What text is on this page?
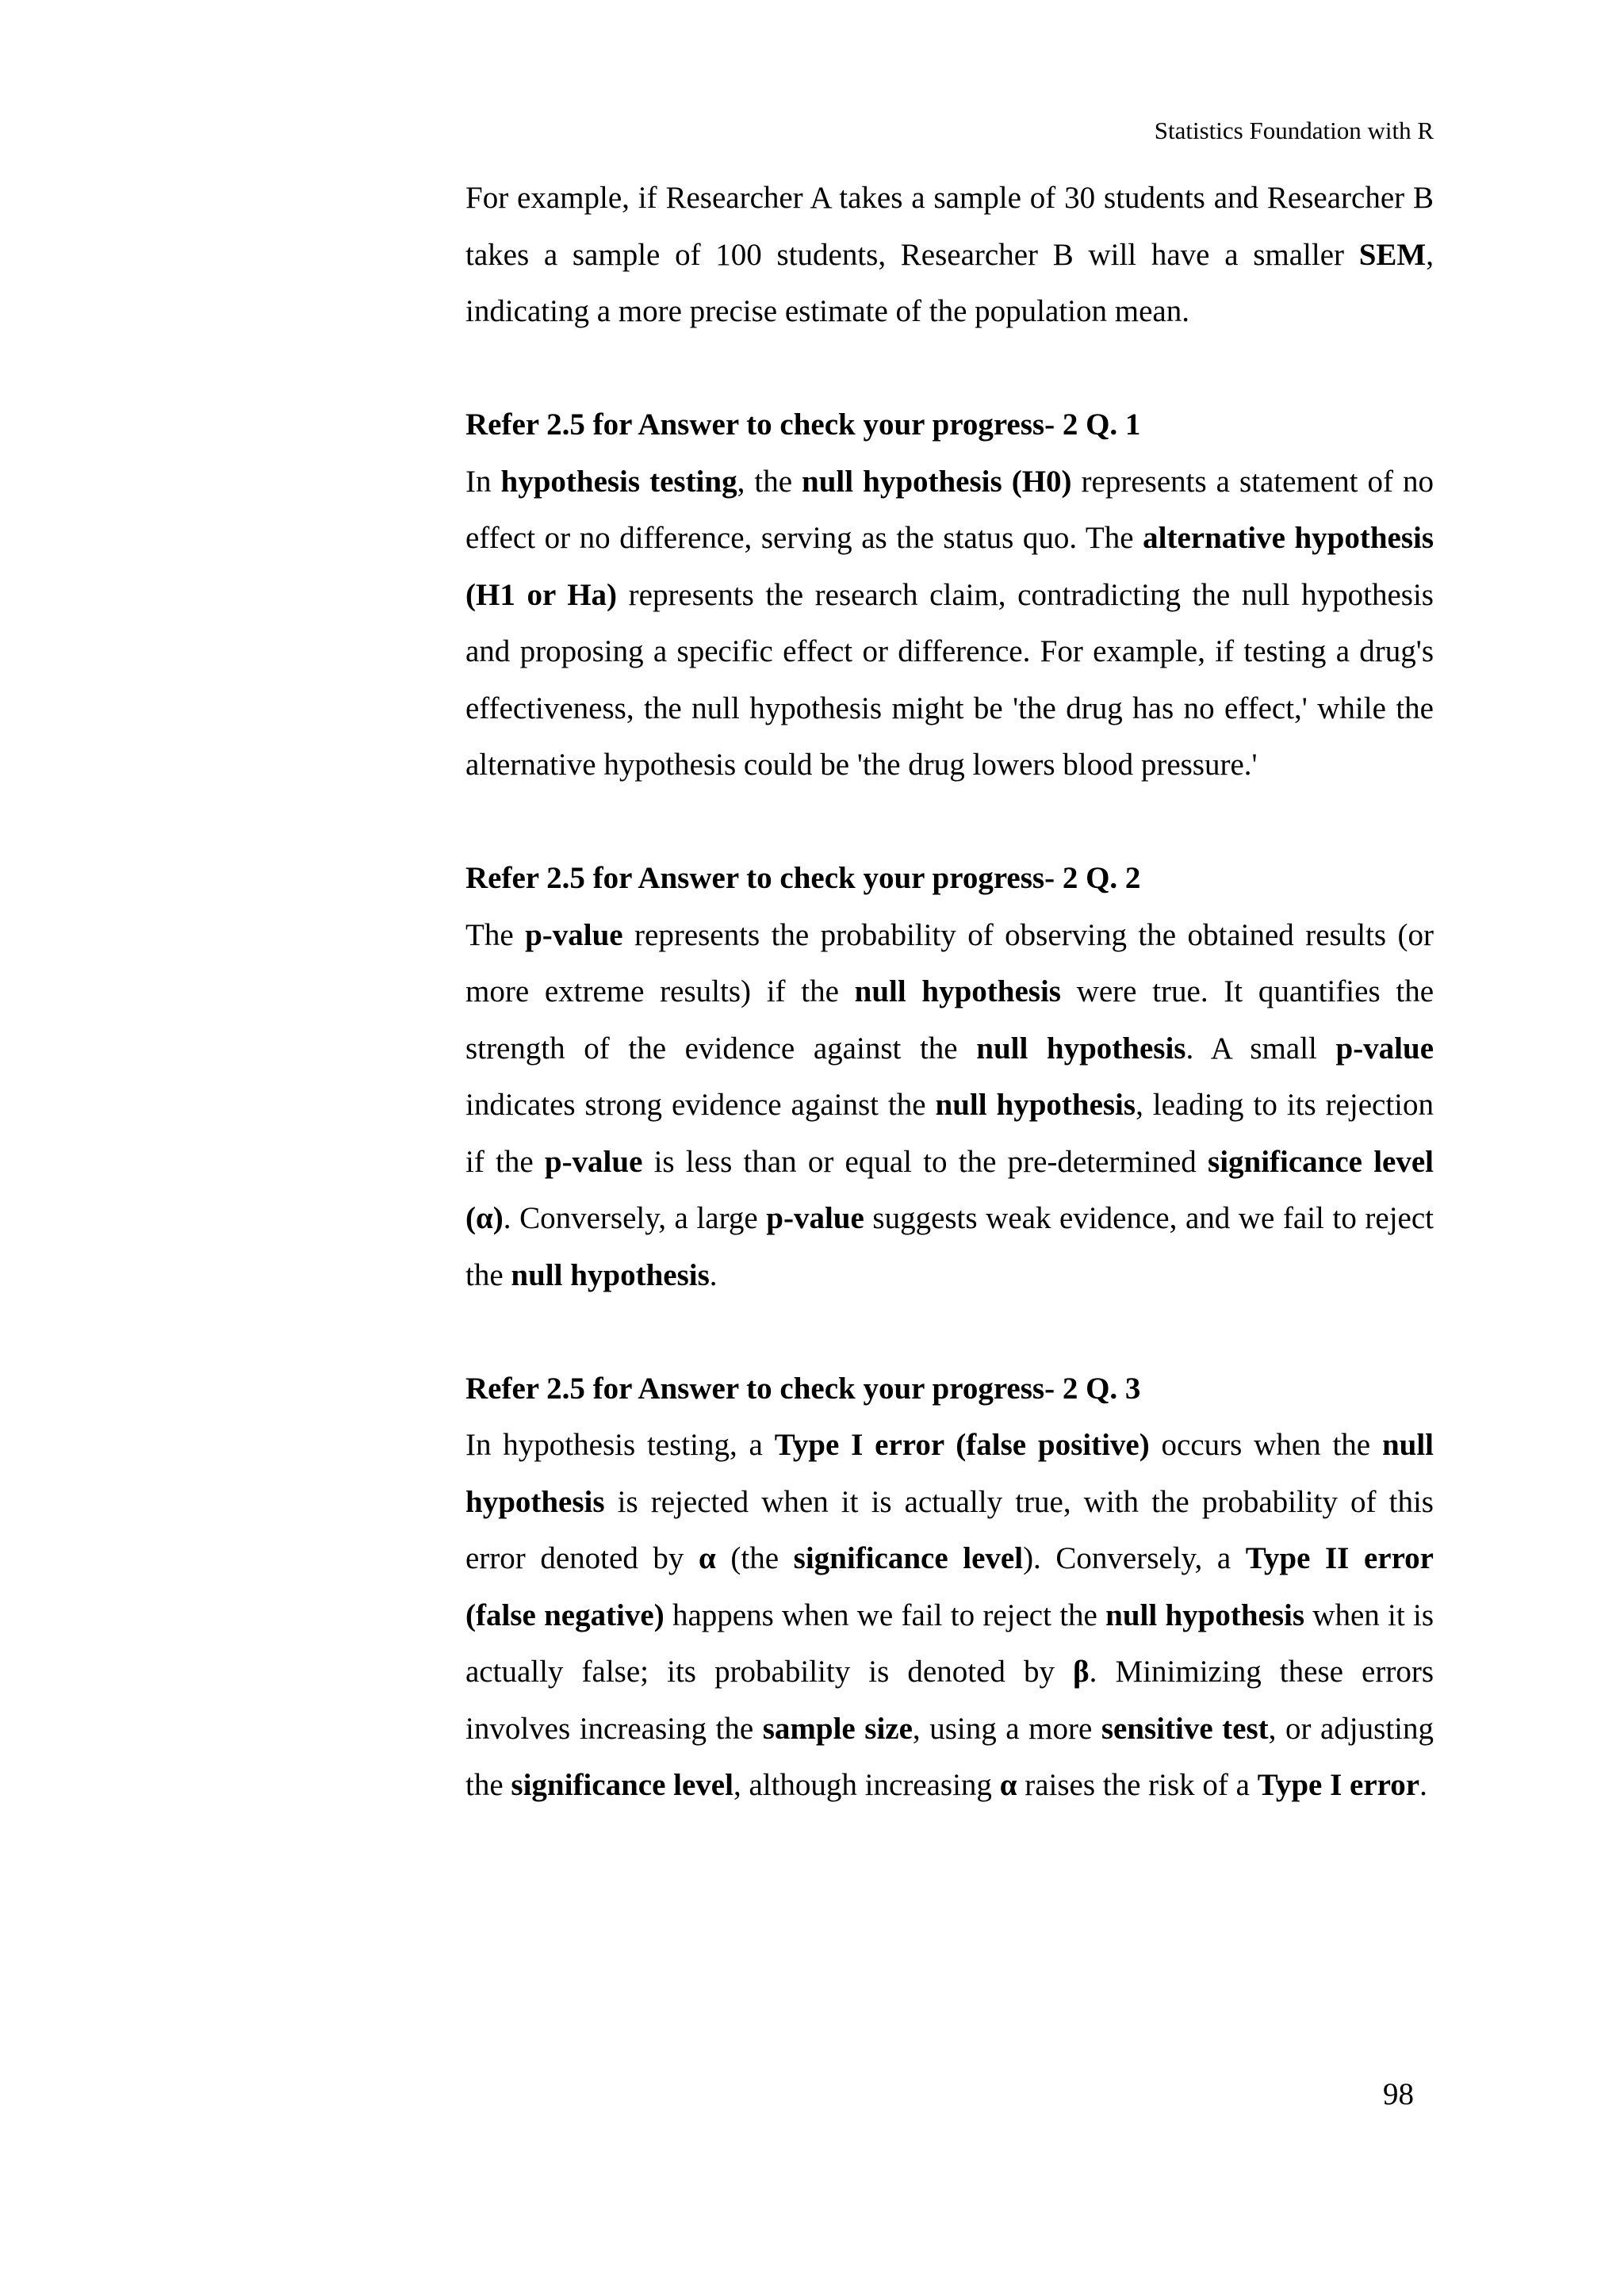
Statistics Foundation with R

For example, if Researcher A takes a sample of 30 students and Researcher B takes a sample of 100 students, Researcher B will have a smaller SEM, indicating a more precise estimate of the population mean.

Refer 2.5 for Answer to check your progress- 2 Q. 1

In hypothesis testing, the null hypothesis (H0) represents a statement of no effect or no difference, serving as the status quo. The alternative hypothesis (H1 or Ha) represents the research claim, contradicting the null hypothesis and proposing a specific effect or difference. For example, if testing a drug's effectiveness, the null hypothesis might be 'the drug has no effect,' while the alternative hypothesis could be 'the drug lowers blood pressure.'

Refer 2.5 for Answer to check your progress- 2 Q. 2

The p-value represents the probability of observing the obtained results (or more extreme results) if the null hypothesis were true. It quantifies the strength of the evidence against the null hypothesis. A small p-value indicates strong evidence against the null hypothesis, leading to its rejection if the p-value is less than or equal to the pre-determined significance level (α). Conversely, a large p-value suggests weak evidence, and we fail to reject the null hypothesis.

Refer 2.5 for Answer to check your progress- 2 Q. 3

In hypothesis testing, a Type I error (false positive) occurs when the null hypothesis is rejected when it is actually true, with the probability of this error denoted by α (the significance level). Conversely, a Type II error (false negative) happens when we fail to reject the null hypothesis when it is actually false; its probability is denoted by β. Minimizing these errors involves increasing the sample size, using a more sensitive test, or adjusting the significance level, although increasing α raises the risk of a Type I error.

98
